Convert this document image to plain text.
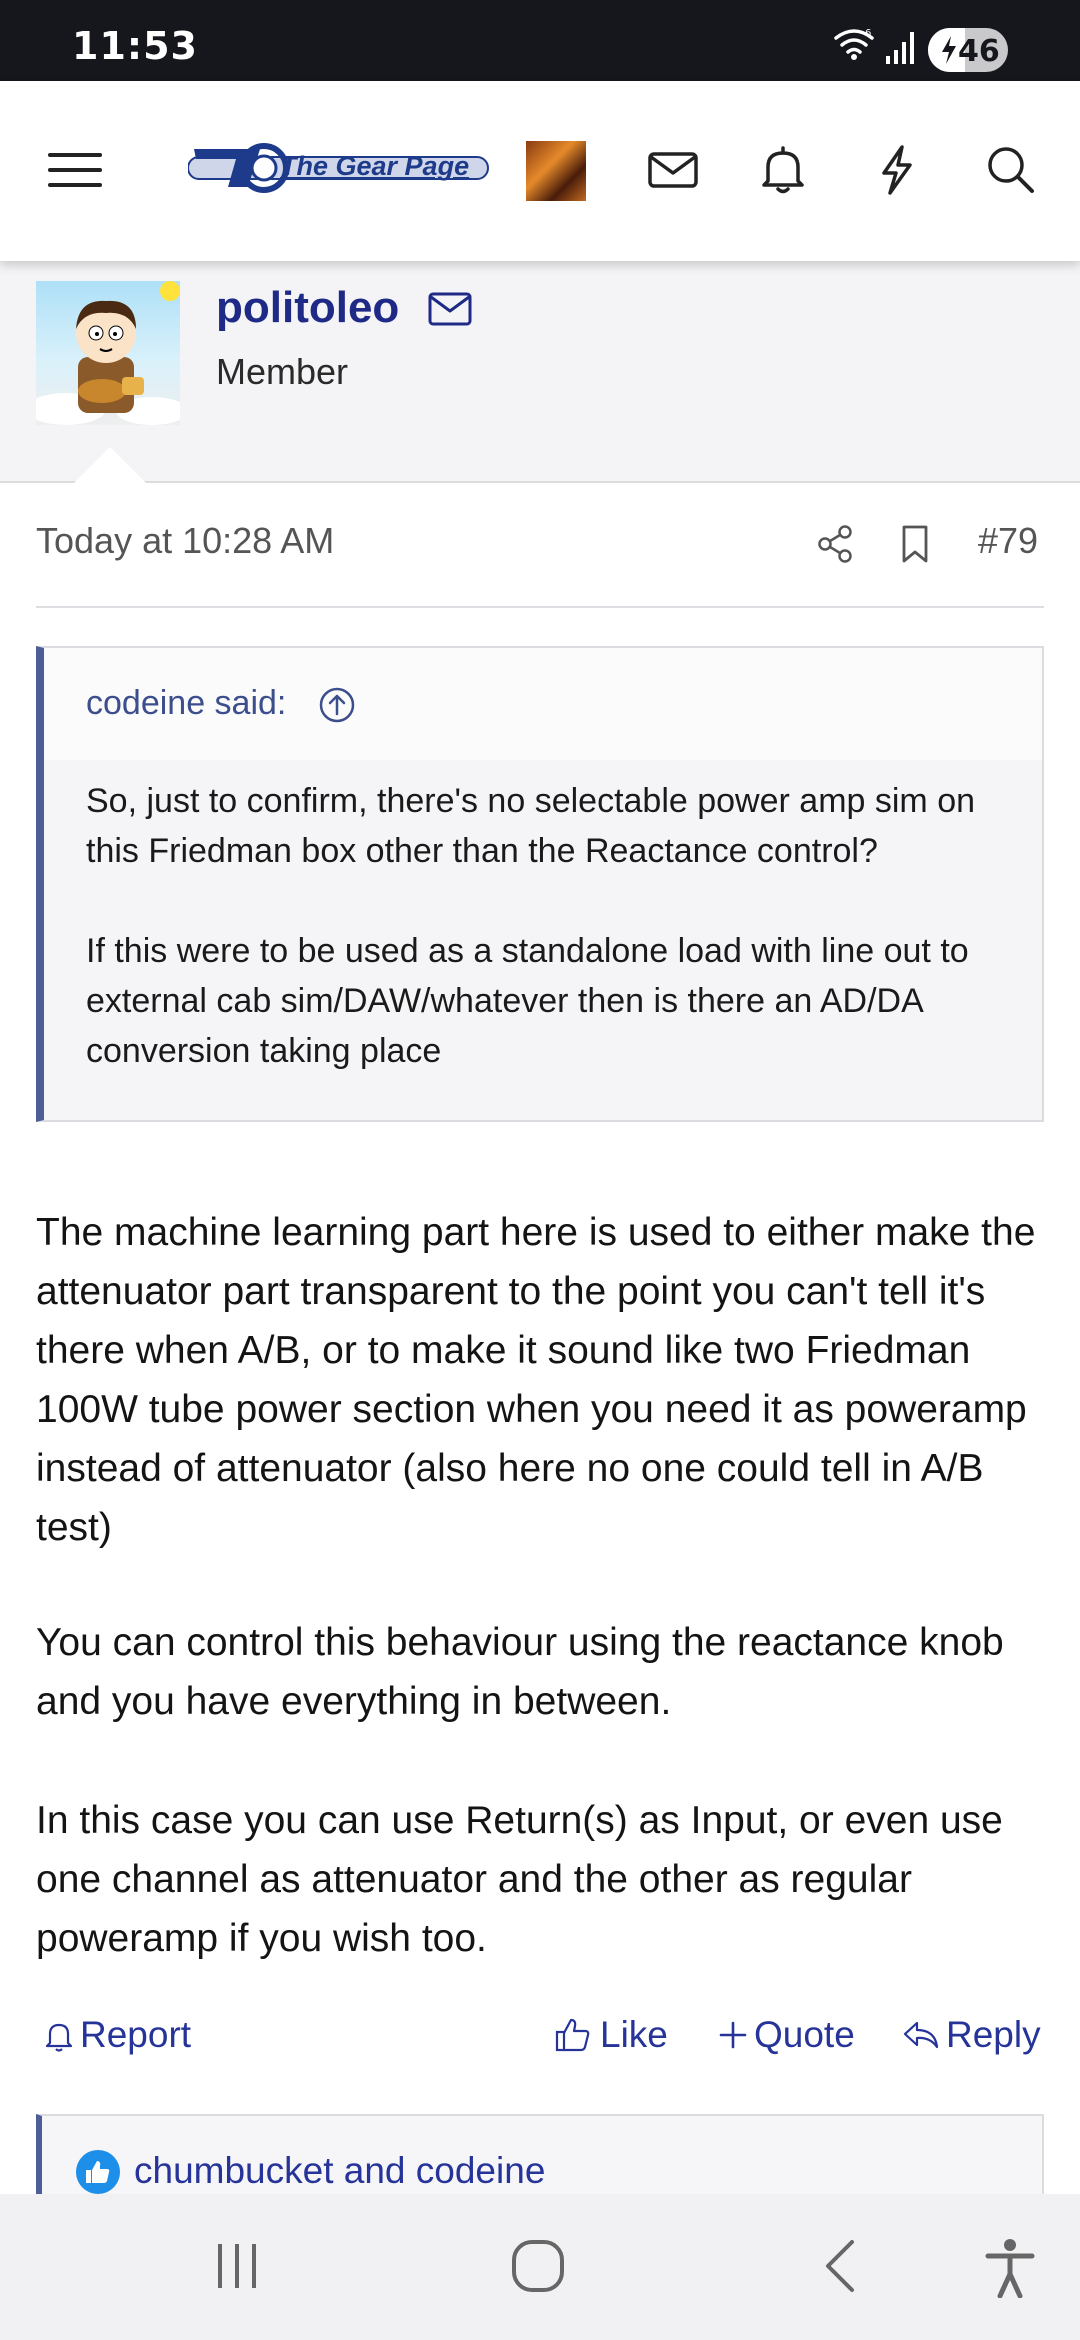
11:53	6
46
The Gear Page
politoleo
Member
Today at 10:28 AM	#79
codeine said:

So, just to confirm, there's no selectable power amp sim on this Friedman box other than the Reactance control?

If this were to be used as a standalone load with line out to external cab sim/DAW/whatever then is there an AD/DA conversion taking place

The machine learning part here is used to either make the attenuator part transparent to the point you can't tell it's there when A/B, or to make it sound like two Friedman 100W tube power section when you need it as poweramp instead of attenuator (also here no one could tell in A/B test)

You can control this behaviour using the reactance knob and you have everything in between.

In this case you can use Return(s) as Input, or even use one channel as attenuator and the other as regular poweramp if you wish too.

Report	Like Quote Reply
chumbucket and codeine
